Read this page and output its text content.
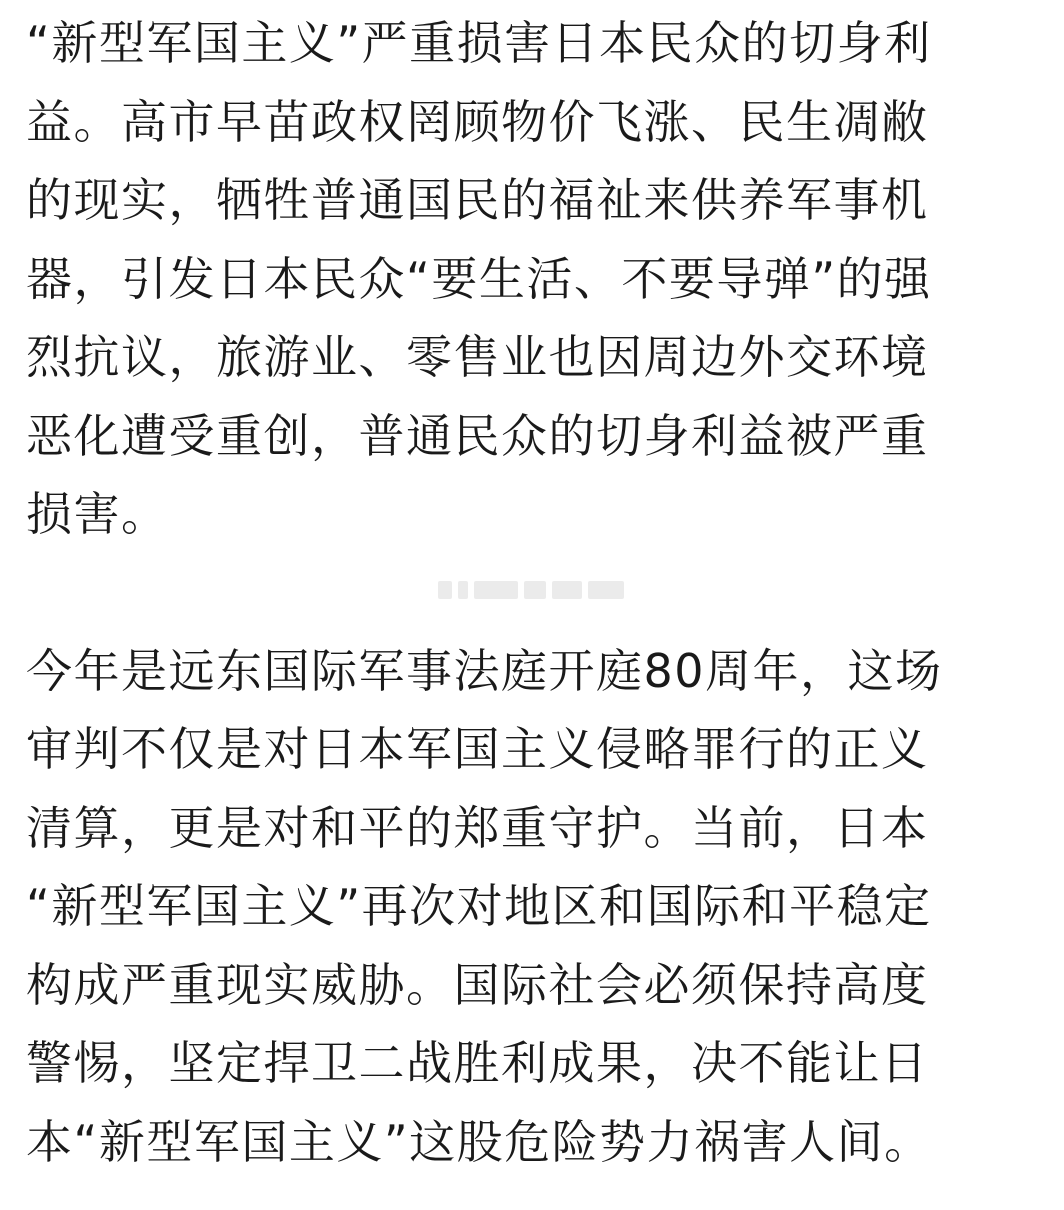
“新型军国主义”严重损害日本民众的切身利
益。高市早苗政权罔顾物价飞涨、民生凋敝
的现实，牺牲普通国民的福祉来供养军事机
器，引发日本民众“要生活、不要导弹”的强
烈抗议，旅游业、零售业也因周边外交环境
恶化遭受重创，普通民众的切身利益被严重
损害。
今年是远东国际军事法庭开庭80周年，这场
审判不仅是对日本军国主义侵略罪行的正义
清算，更是对和平的郑重守护。当前，日本
“新型军国主义”再次对地区和国际和平稳定
构成严重现实威胁。国际社会必须保持高度
警惕，坚定捍卫二战胜利成果，决不能让日
本“新型军国主义”这股危险势力祸害人间。
